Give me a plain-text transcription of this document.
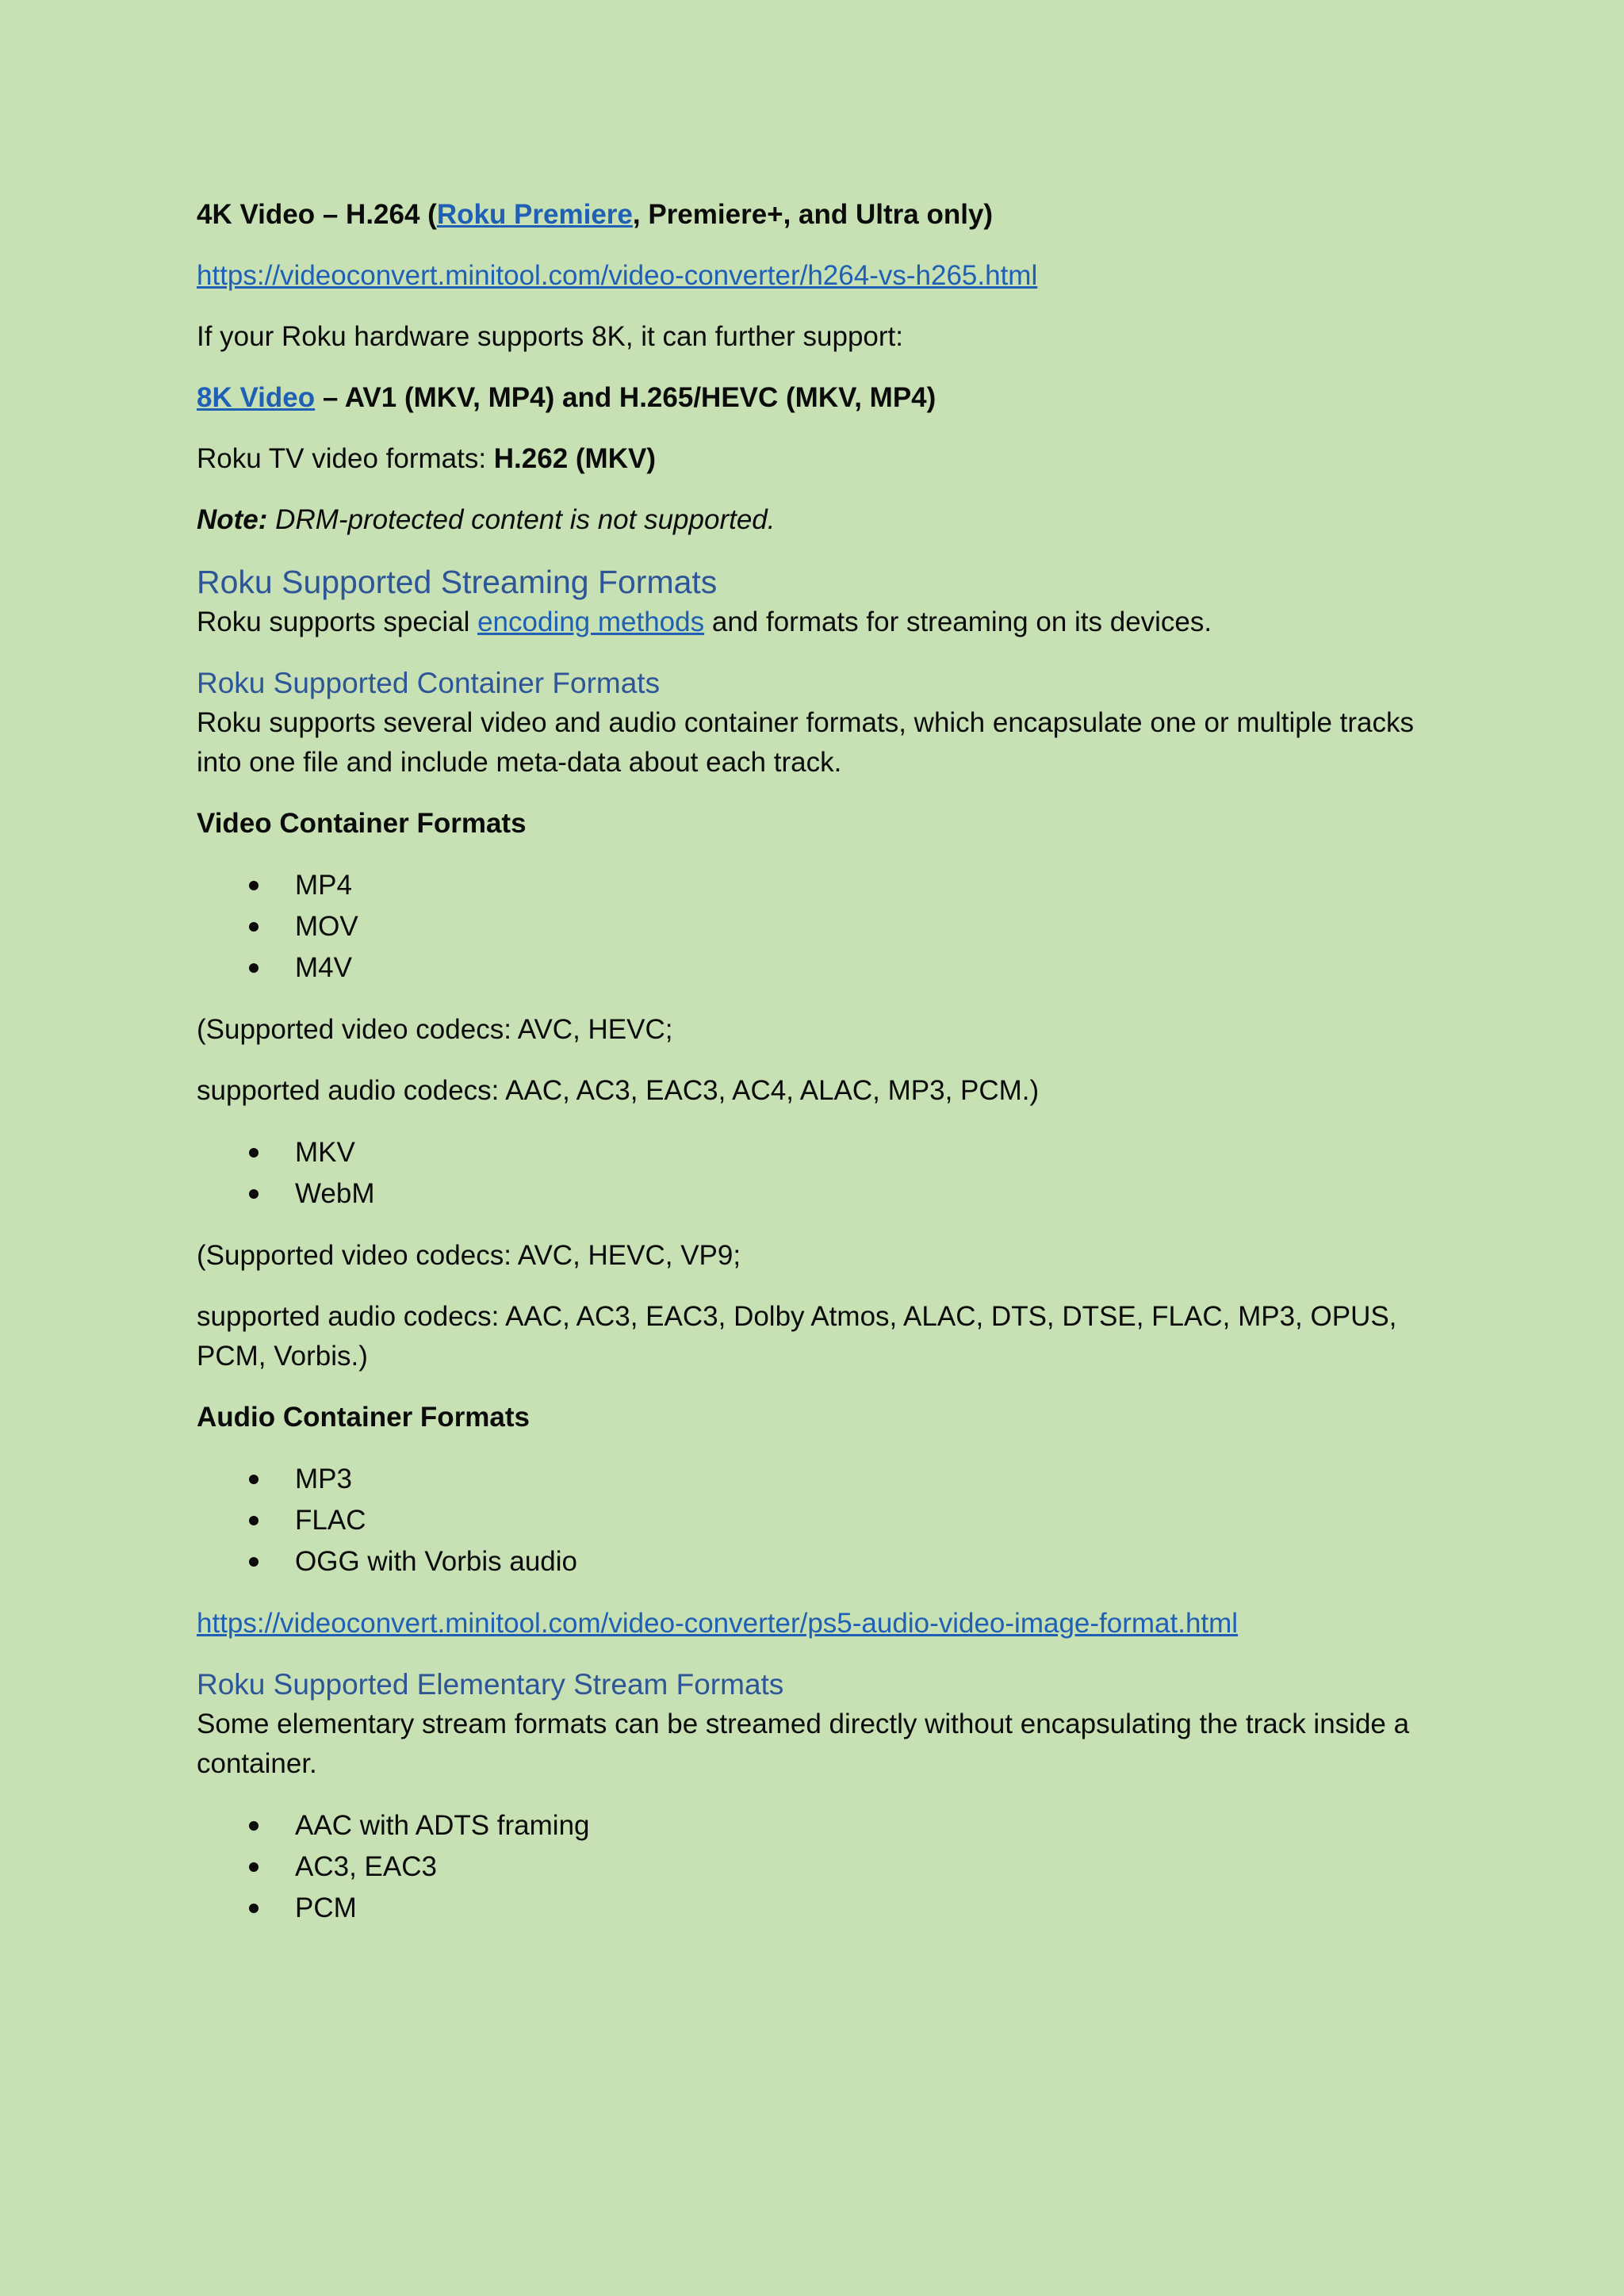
4K Video – H.264 (Roku Premiere, Premiere+, and Ultra only)

https://videoconvert.minitool.com/video-converter/h264-vs-h265.html

If your Roku hardware supports 8K, it can further support:

8K Video – AV1 (MKV, MP4) and H.265/HEVC (MKV, MP4)

Roku TV video formats: H.262 (MKV)

Note: DRM-protected content is not supported.

Roku Supported Streaming Formats

Roku supports special encoding methods and formats for streaming on its devices.

Roku Supported Container Formats

Roku supports several video and audio container formats, which encapsulate one or multiple tracks into one file and include meta-data about each track.

Video Container Formats

MP4
MOV
M4V

(Supported video codecs: AVC, HEVC;

supported audio codecs: AAC, AC3, EAC3, AC4, ALAC, MP3, PCM.)

MKV
WebM

(Supported video codecs: AVC, HEVC, VP9;

supported audio codecs: AAC, AC3, EAC3, Dolby Atmos, ALAC, DTS, DTSE, FLAC, MP3, OPUS, PCM, Vorbis.)

Audio Container Formats

MP3
FLAC
OGG with Vorbis audio

https://videoconvert.minitool.com/video-converter/ps5-audio-video-image-format.html

Roku Supported Elementary Stream Formats

Some elementary stream formats can be streamed directly without encapsulating the track inside a container.

AAC with ADTS framing
AC3, EAC3
PCM
